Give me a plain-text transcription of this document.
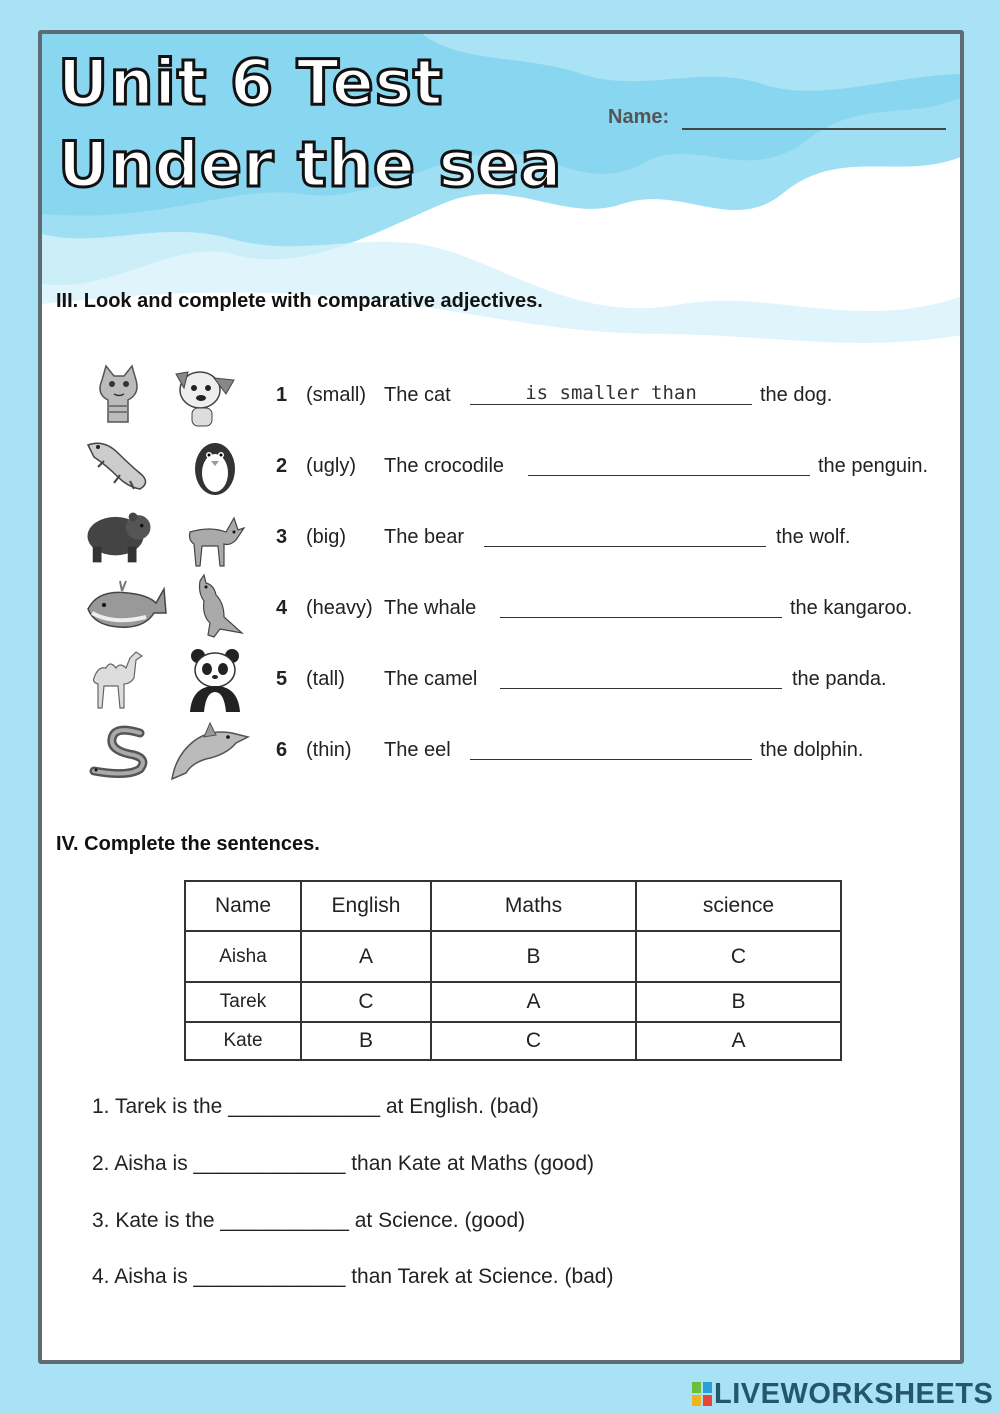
Unit 6 Test
Under the sea
Name:
III. Look and complete with comparative adjectives.
1 (small) The cat	is smaller than	the dog.
2 (ugly) The crocodile	the penguin.
3 (big) The bear	the wolf.
4 (heavy) The whale	the kangaroo.
5 (tall) The camel	the panda.
6 (thin) The eel	the dolphin.
IV. Complete the sentences.
Name	English	Maths	science
Aisha	A	B	C
Tarek	C	A	B
Kate	B	C	A
1. Tarek is the _____________ at English. (bad)
2. Aisha is _____________ than Kate at Maths (good)
3. Kate is the ___________ at Science. (good)
4. Aisha is _____________ than Tarek at Science. (bad)
LIVEWORKSHEETS
